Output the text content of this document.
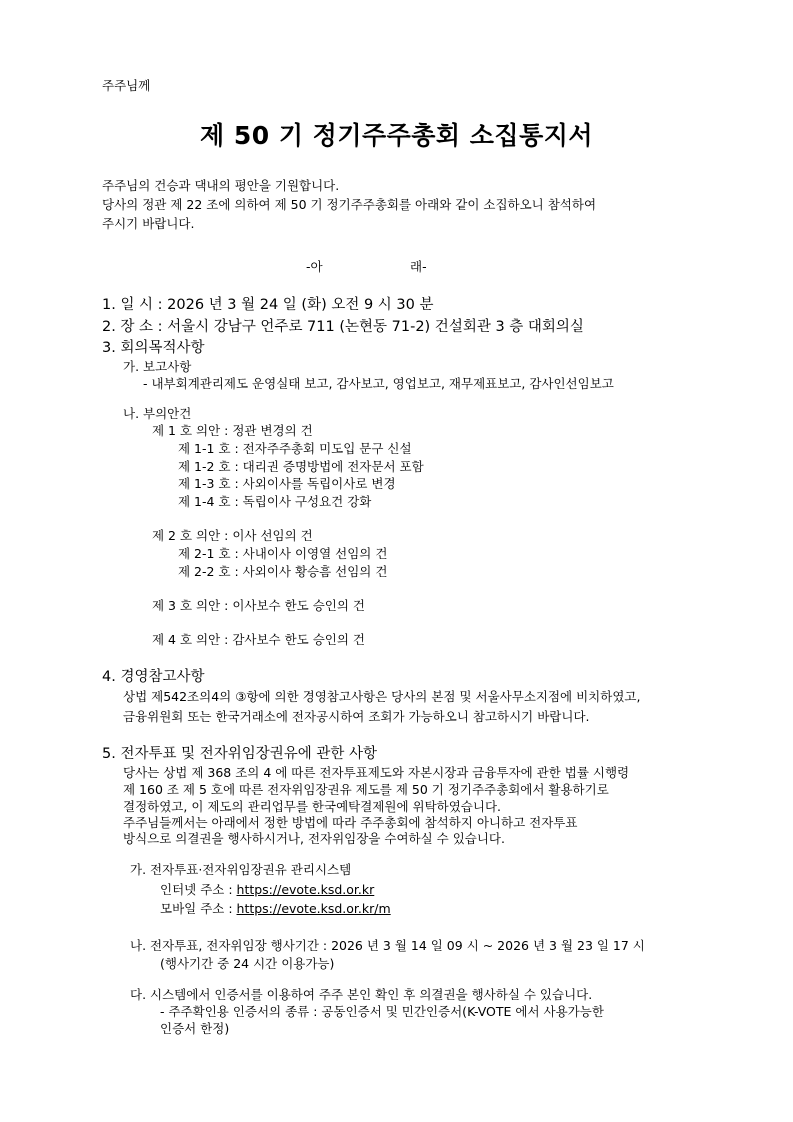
주주님께
제 50 기 정기주주총회 소집통지서
주주님의 건승과 댁내의 평안을 기원합니다.
당사의 정관 제 22 조에 의하여 제 50 기 정기주주총회를 아래와 같이 소집하오니 참석하여
주시기 바랍니다.
-아	래-
1. 일 시 : 2026 년 3 월 24 일 (화) 오전 9 시 30 분
2. 장 소 : 서울시 강남구 언주로 711 (논현동 71-2) 건설회관 3 층 대회의실
3. 회의목적사항
가. 보고사항
- 내부회계관리제도 운영실태 보고, 감사보고, 영업보고, 재무제표보고, 감사인선임보고
나. 부의안건
제 1 호 의안 : 정관 변경의 건
제 1-1 호 : 전자주주총회 미도입 문구 신설
제 1-2 호 : 대리권 증명방법에 전자문서 포함
제 1-3 호 : 사외이사를 독립이사로 변경
제 1-4 호 : 독립이사 구성요건 강화
제 2 호 의안 : 이사 선임의 건
제 2-1 호 : 사내이사 이영열 선임의 건
제 2-2 호 : 사외이사 황승흠 선임의 건
제 3 호 의안 : 이사보수 한도 승인의 건
제 4 호 의안 : 감사보수 한도 승인의 건
4. 경영참고사항
상법 제542조의4의 ③항에 의한 경영참고사항은 당사의 본점 및 서울사무소지점에 비치하였고,
금융위원회 또는 한국거래소에 전자공시하여 조회가 가능하오니 참고하시기 바랍니다.
5. 전자투표 및 전자위임장권유에 관한 사항
당사는 상법 제 368 조의 4 에 따른 전자투표제도와 자본시장과 금융투자에 관한 법률 시행령
제 160 조 제 5 호에 따른 전자위임장권유 제도를 제 50 기 정기주주총회에서 활용하기로
결정하였고, 이 제도의 관리업무를 한국예탁결제원에 위탁하였습니다.
주주님들께서는 아래에서 정한 방법에 따라 주주총회에 참석하지 아니하고 전자투표
방식으로 의결권을 행사하시거나, 전자위임장을 수여하실 수 있습니다.
가. 전자투표·전자위임장권유 관리시스템
인터넷 주소 : https://evote.ksd.or.kr
모바일 주소 : https://evote.ksd.or.kr/m
나. 전자투표, 전자위임장 행사기간 : 2026 년 3 월 14 일 09 시 ~ 2026 년 3 월 23 일 17 시
(행사기간 중 24 시간 이용가능)
다. 시스템에서 인증서를 이용하여 주주 본인 확인 후 의결권을 행사하실 수 있습니다.
- 주주확인용 인증서의 종류 : 공동인증서 및 민간인증서(K-VOTE 에서 사용가능한
인증서 한정)
